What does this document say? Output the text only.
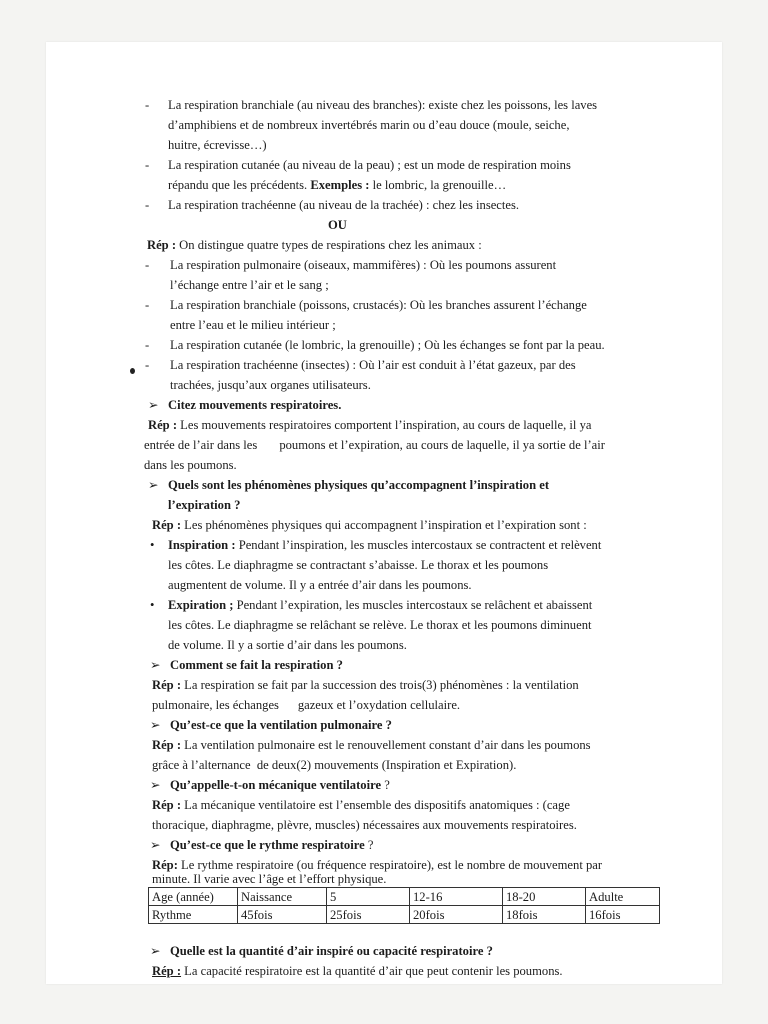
- La respiration branchiale (au niveau des branches): existe chez les poissons, les laves
d’amphibiens et de nombreux invertébrés marin ou d’eau douce (moule, seiche,
huitre, écrevisse…)
- La respiration cutanée (au niveau de la peau) ; est un mode de respiration moins
répandu que les précédents. Exemples : le lombric, la grenouille…
- La respiration trachéenne (au niveau de la trachée) : chez les insectes.
OU
Rép : On distingue quatre types de respirations chez les animaux :
- La respiration pulmonaire (oiseaux, mammifères) : Où les poumons assurent
l’échange entre l’air et le sang ;
- La respiration branchiale (poissons, crustacés): Où les branches assurent l’échange
entre l’eau et le milieu intérieur ;
- La respiration cutanée (le lombric, la grenouille) ; Où les échanges se font par la peau.
- La respiration trachéenne (insectes) : Où l’air est conduit à l’état gazeux, par des
trachées, jusqu’aux organes utilisateurs.
➢ Citez mouvements respiratoires.
Rép : Les mouvements respiratoires comportent l’inspiration, au cours de laquelle, il ya
entrée de l’air dans les       poumons et l’expiration, au cours de laquelle, il ya sortie de l’air
dans les poumons.
➢ Quels sont les phénomènes physiques qu’accompagnent l’inspiration et
l’expiration ?
Rép : Les phénomènes physiques qui accompagnent l’inspiration et l’expiration sont :
• Inspiration : Pendant l’inspiration, les muscles intercostaux se contractent et relèvent
les côtes. Le diaphragme se contractant s’abaisse. Le thorax et les poumons
augmentent de volume. Il y a entrée d’air dans les poumons.
• Expiration ; Pendant l’expiration, les muscles intercostaux se relâchent et abaissent
les côtes. Le diaphragme se relâchant se relève. Le thorax et les poumons diminuent
de volume. Il y a sortie d’air dans les poumons.
➢ Comment se fait la respiration ?
Rép : La respiration se fait par la succession des trois(3) phénomènes : la ventilation
pulmonaire, les échanges      gazeux et l’oxydation cellulaire.
➢ Qu’est-ce que la ventilation pulmonaire ?
Rép : La ventilation pulmonaire est le renouvellement constant d’air dans les poumons
grâce à l’alternance  de deux(2) mouvements (Inspiration et Expiration).
➢ Qu’appelle-t-on mécanique ventilatoire ?
Rép : La mécanique ventilatoire est l’ensemble des dispositifs anatomiques : (cage
thoracique, diaphragme, plèvre, muscles) nécessaires aux mouvements respiratoires.
➢ Qu’est-ce que le rythme respiratoire ?
Rép: Le rythme respiratoire (ou fréquence respiratoire), est le nombre de mouvement par
minute. Il varie avec l’âge et l’effort physique.
Age (année)	Naissance	5	12-16	18-20	Adulte
Rythme	45fois	25fois	20fois	18fois	16fois
➢ Quelle est la quantité d’air inspiré ou capacité respiratoire ?
Rép : La capacité respiratoire est la quantité d’air que peut contenir les poumons.
